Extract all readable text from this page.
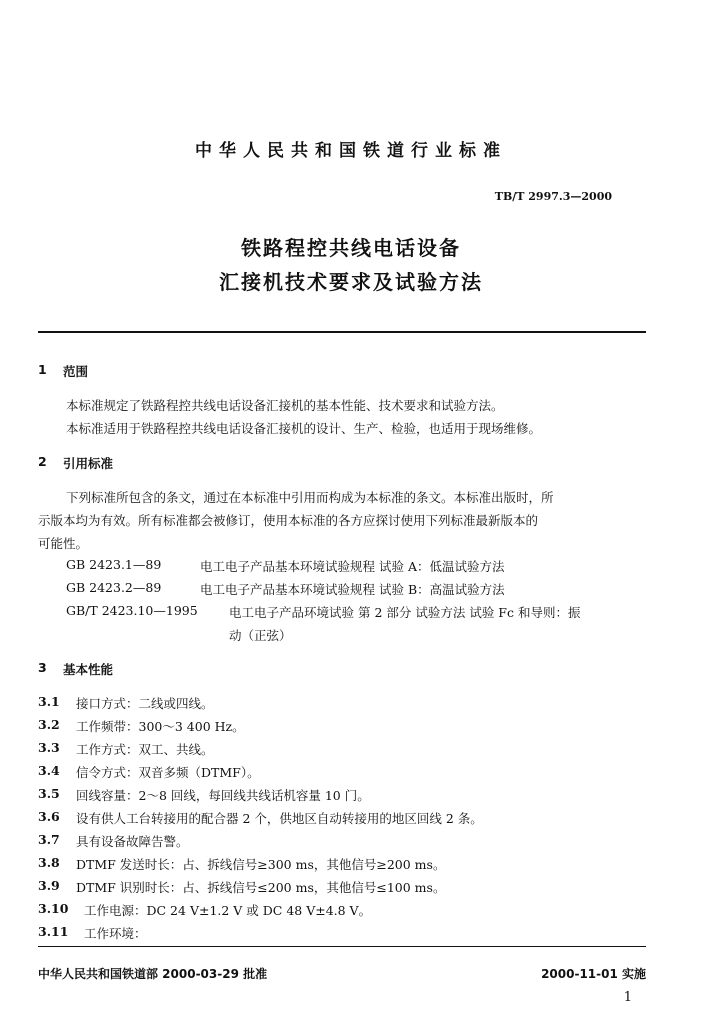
中华人民共和国铁道行业标准
TB/T 2997.3—2000
铁路程控共线电话设备
汇接机技术要求及试验方法
1 范围
本标准规定了铁路程控共线电话设备汇接机的基本性能、技术要求和试验方法。
本标准适用于铁路程控共线电话设备汇接机的设计、生产、检验，也适用于现场维修。
2 引用标准
下列标准所包含的条文，通过在本标准中引用而构成为本标准的条文。本标准出版时，所
示版本均为有效。所有标准都会被修订，使用本标准的各方应探讨使用下列标准最新版本的
可能性。
GB 2423.1—89	电工电子产品基本环境试验规程 试验 A：低温试验方法
GB 2423.2—89	电工电子产品基本环境试验规程 试验 B：高温试验方法
GB/T 2423.10—1995	电工电子产品环境试验 第 2 部分 试验方法 试验 Fc 和导则：振
动（正弦）
3 基本性能
3.1 接口方式：二线或四线。
3.2 工作频带：300～3 400 Hz。
3.3 工作方式：双工、共线。
3.4 信令方式：双音多频（DTMF）。
3.5 回线容量：2～8 回线，每回线共线话机容量 10 门。
3.6 设有供人工台转接用的配合器 2 个，供地区自动转接用的地区回线 2 条。
3.7 具有设备故障告警。
3.8 DTMF 发送时长：占、拆线信号≥300 ms，其他信号≥200 ms。
3.9 DTMF 识别时长：占、拆线信号≤200 ms，其他信号≤100 ms。
3.10 工作电源：DC 24 V±1.2 V 或 DC 48 V±4.8 V。
3.11 工作环境：
中华人民共和国铁道部 2000-03-29 批准	2000-11-01 实施
1
